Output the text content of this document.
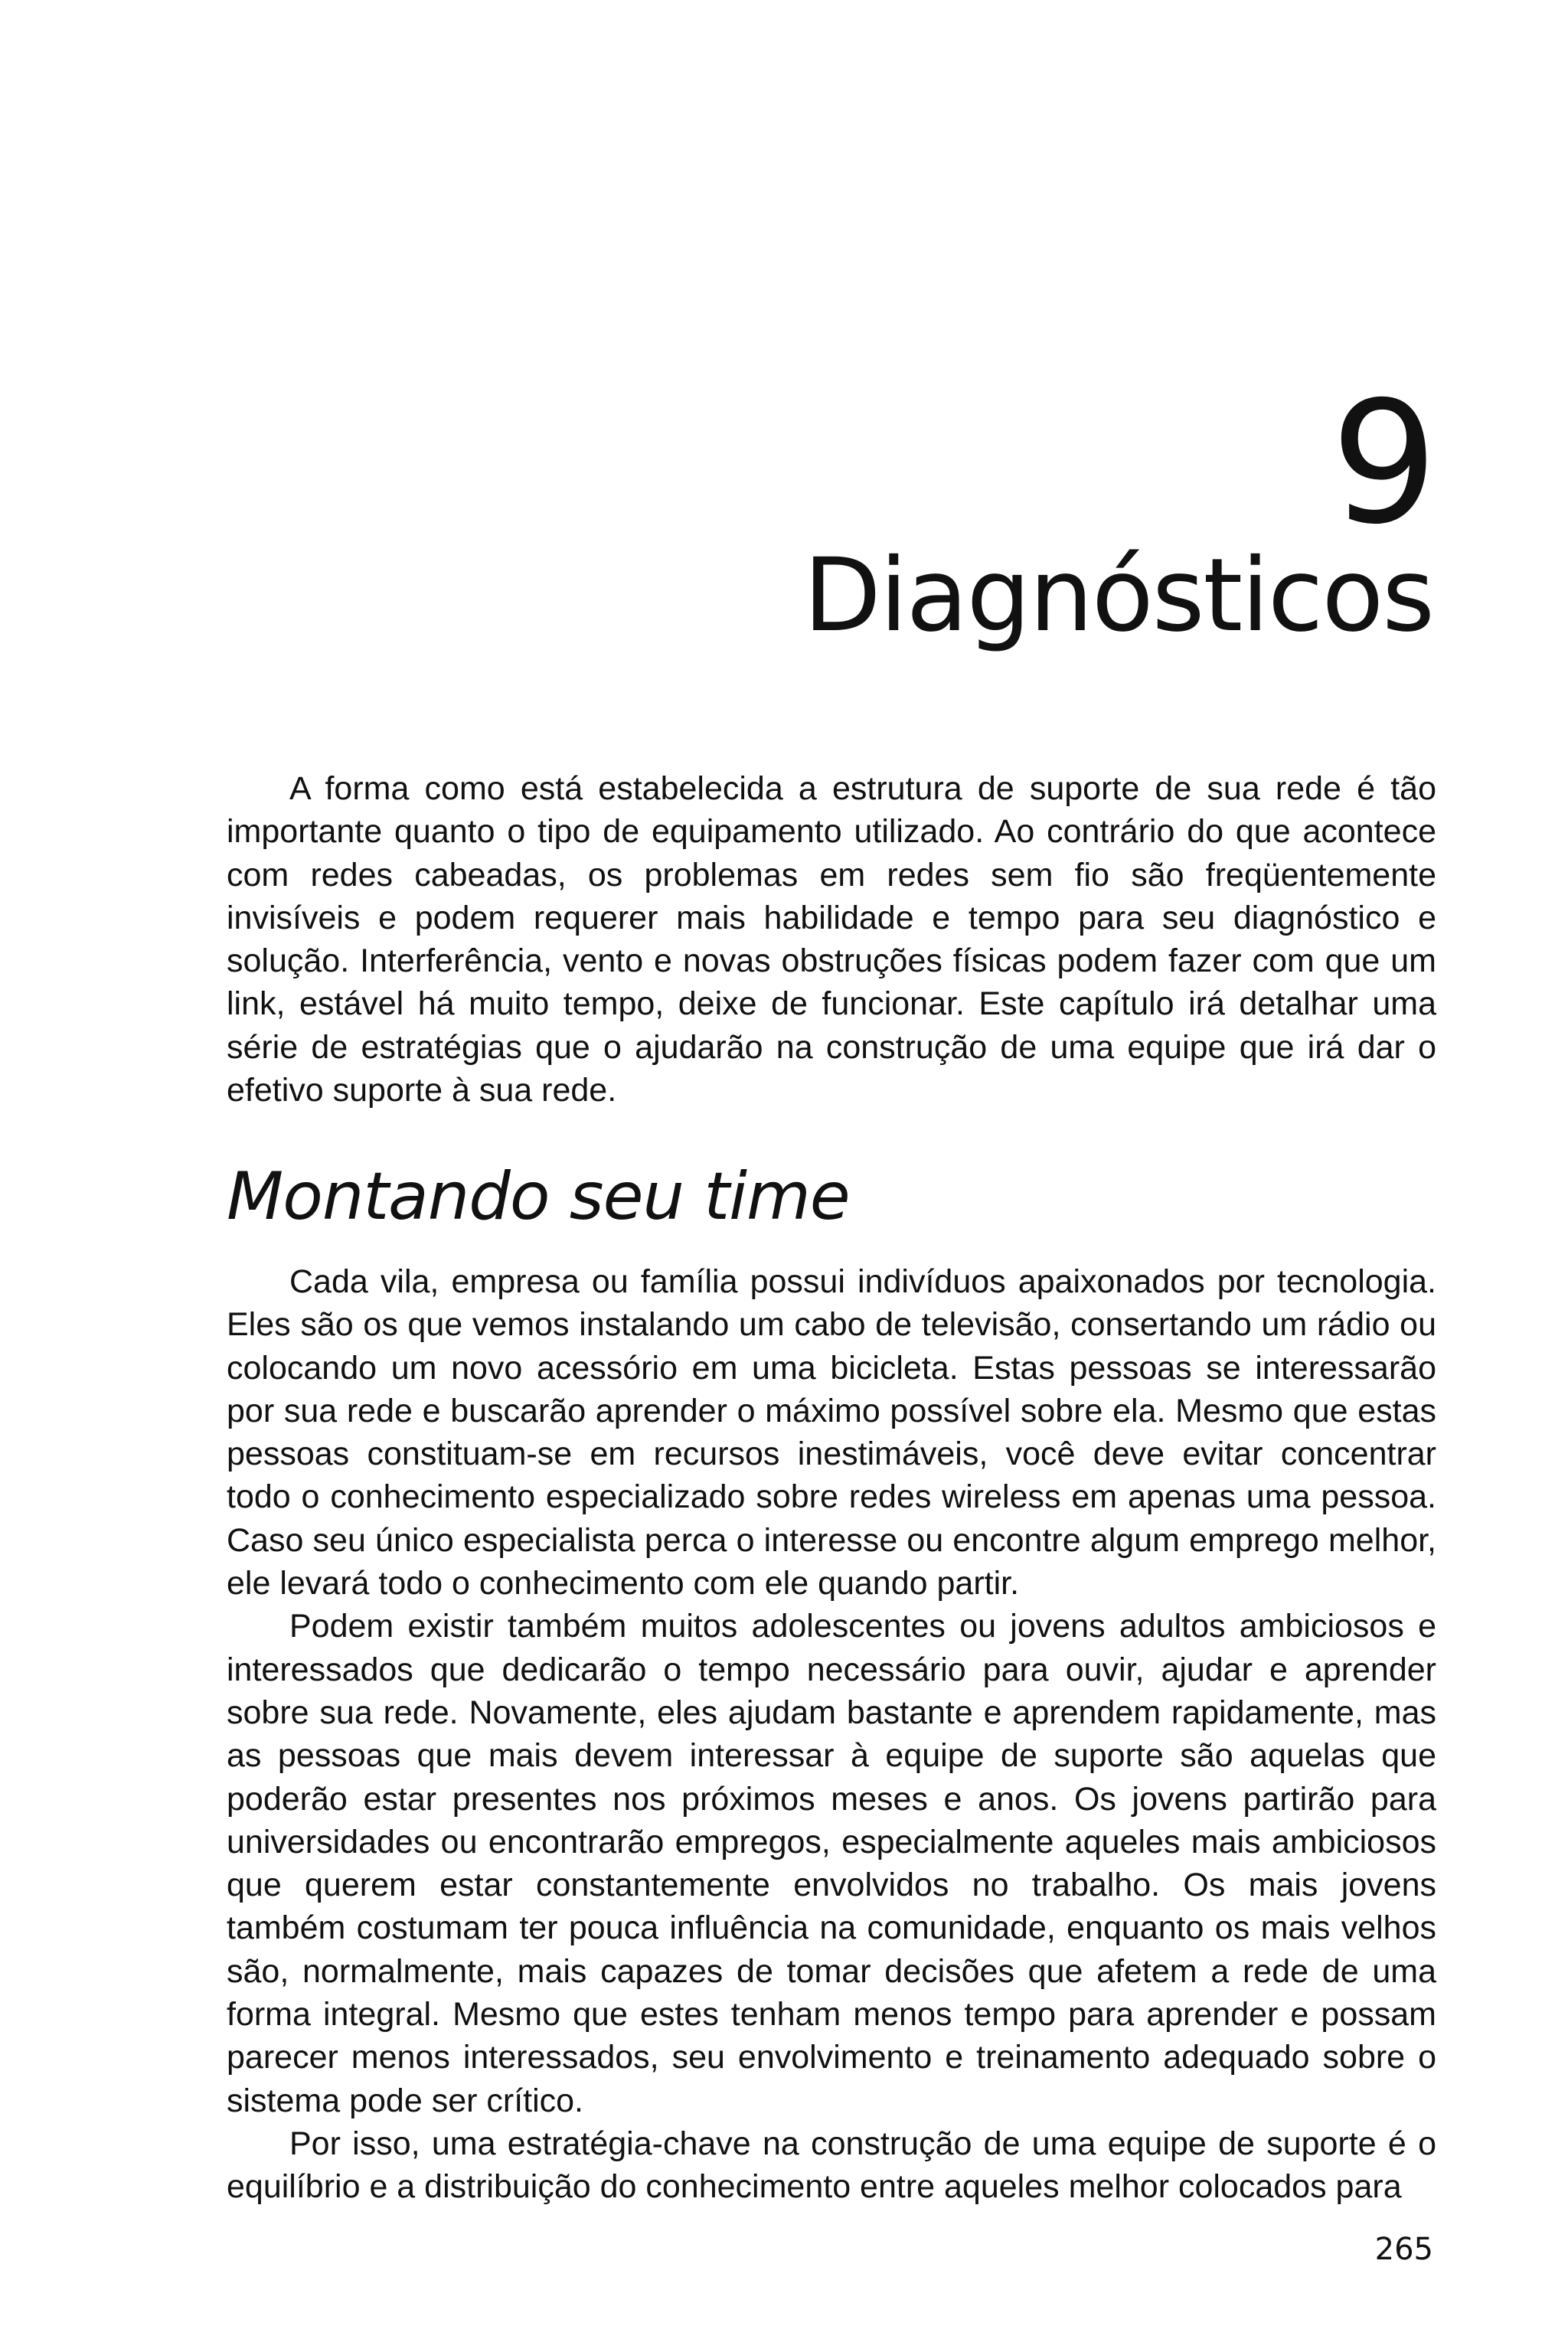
9
Diagnósticos

A forma como está estabelecida a estrutura de suporte de sua rede é tão importante quanto o tipo de equipamento utilizado. Ao contrário do que acontece com redes cabeadas, os problemas em redes sem fio são freqüentemente invisíveis e podem requerer mais habilidade e tempo para seu diagnóstico e solução. Interferência, vento e novas obstruções físicas podem fazer com que um link, estável há muito tempo, deixe de funcionar. Este capítulo irá detalhar uma série de estratégias que o ajudarão na construção de uma equipe que irá dar o efetivo suporte à sua rede.

Montando seu time

Cada vila, empresa ou família possui indivíduos apaixonados por tecnologia. Eles são os que vemos instalando um cabo de televisão, consertando um rádio ou colocando um novo acessório em uma bicicleta. Estas pessoas se interessarão por sua rede e buscarão aprender o máximo possível sobre ela. Mesmo que estas pessoas constituam-se em recursos inestimáveis, você deve evitar concentrar todo o conhecimento especializado sobre redes wireless em apenas uma pessoa. Caso seu único especialista perca o interesse ou encontre algum emprego melhor, ele levará todo o conhecimento com ele quando partir.

Podem existir também muitos adolescentes ou jovens adultos ambiciosos e interessados que dedicarão o tempo necessário para ouvir, ajudar e aprender sobre sua rede. Novamente, eles ajudam bastante e aprendem rapidamente, mas as pessoas que mais devem interessar à equipe de suporte são aquelas que poderão estar presentes nos próximos meses e anos. Os jovens partirão para universidades ou encontrarão empregos, especialmente aqueles mais ambiciosos que querem estar constantemente envolvidos no trabalho. Os mais jovens também costumam ter pouca influência na comunidade, enquanto os mais velhos são, normalmente, mais capazes de tomar decisões que afetem a rede de uma forma integral. Mesmo que estes tenham menos tempo para aprender e possam parecer menos interessados, seu envolvimento e treinamento adequado sobre o sistema pode ser crítico.

Por isso, uma estratégia-chave na construção de uma equipe de suporte é o equilíbrio e a distribuição do conhecimento entre aqueles melhor colocados para

265
